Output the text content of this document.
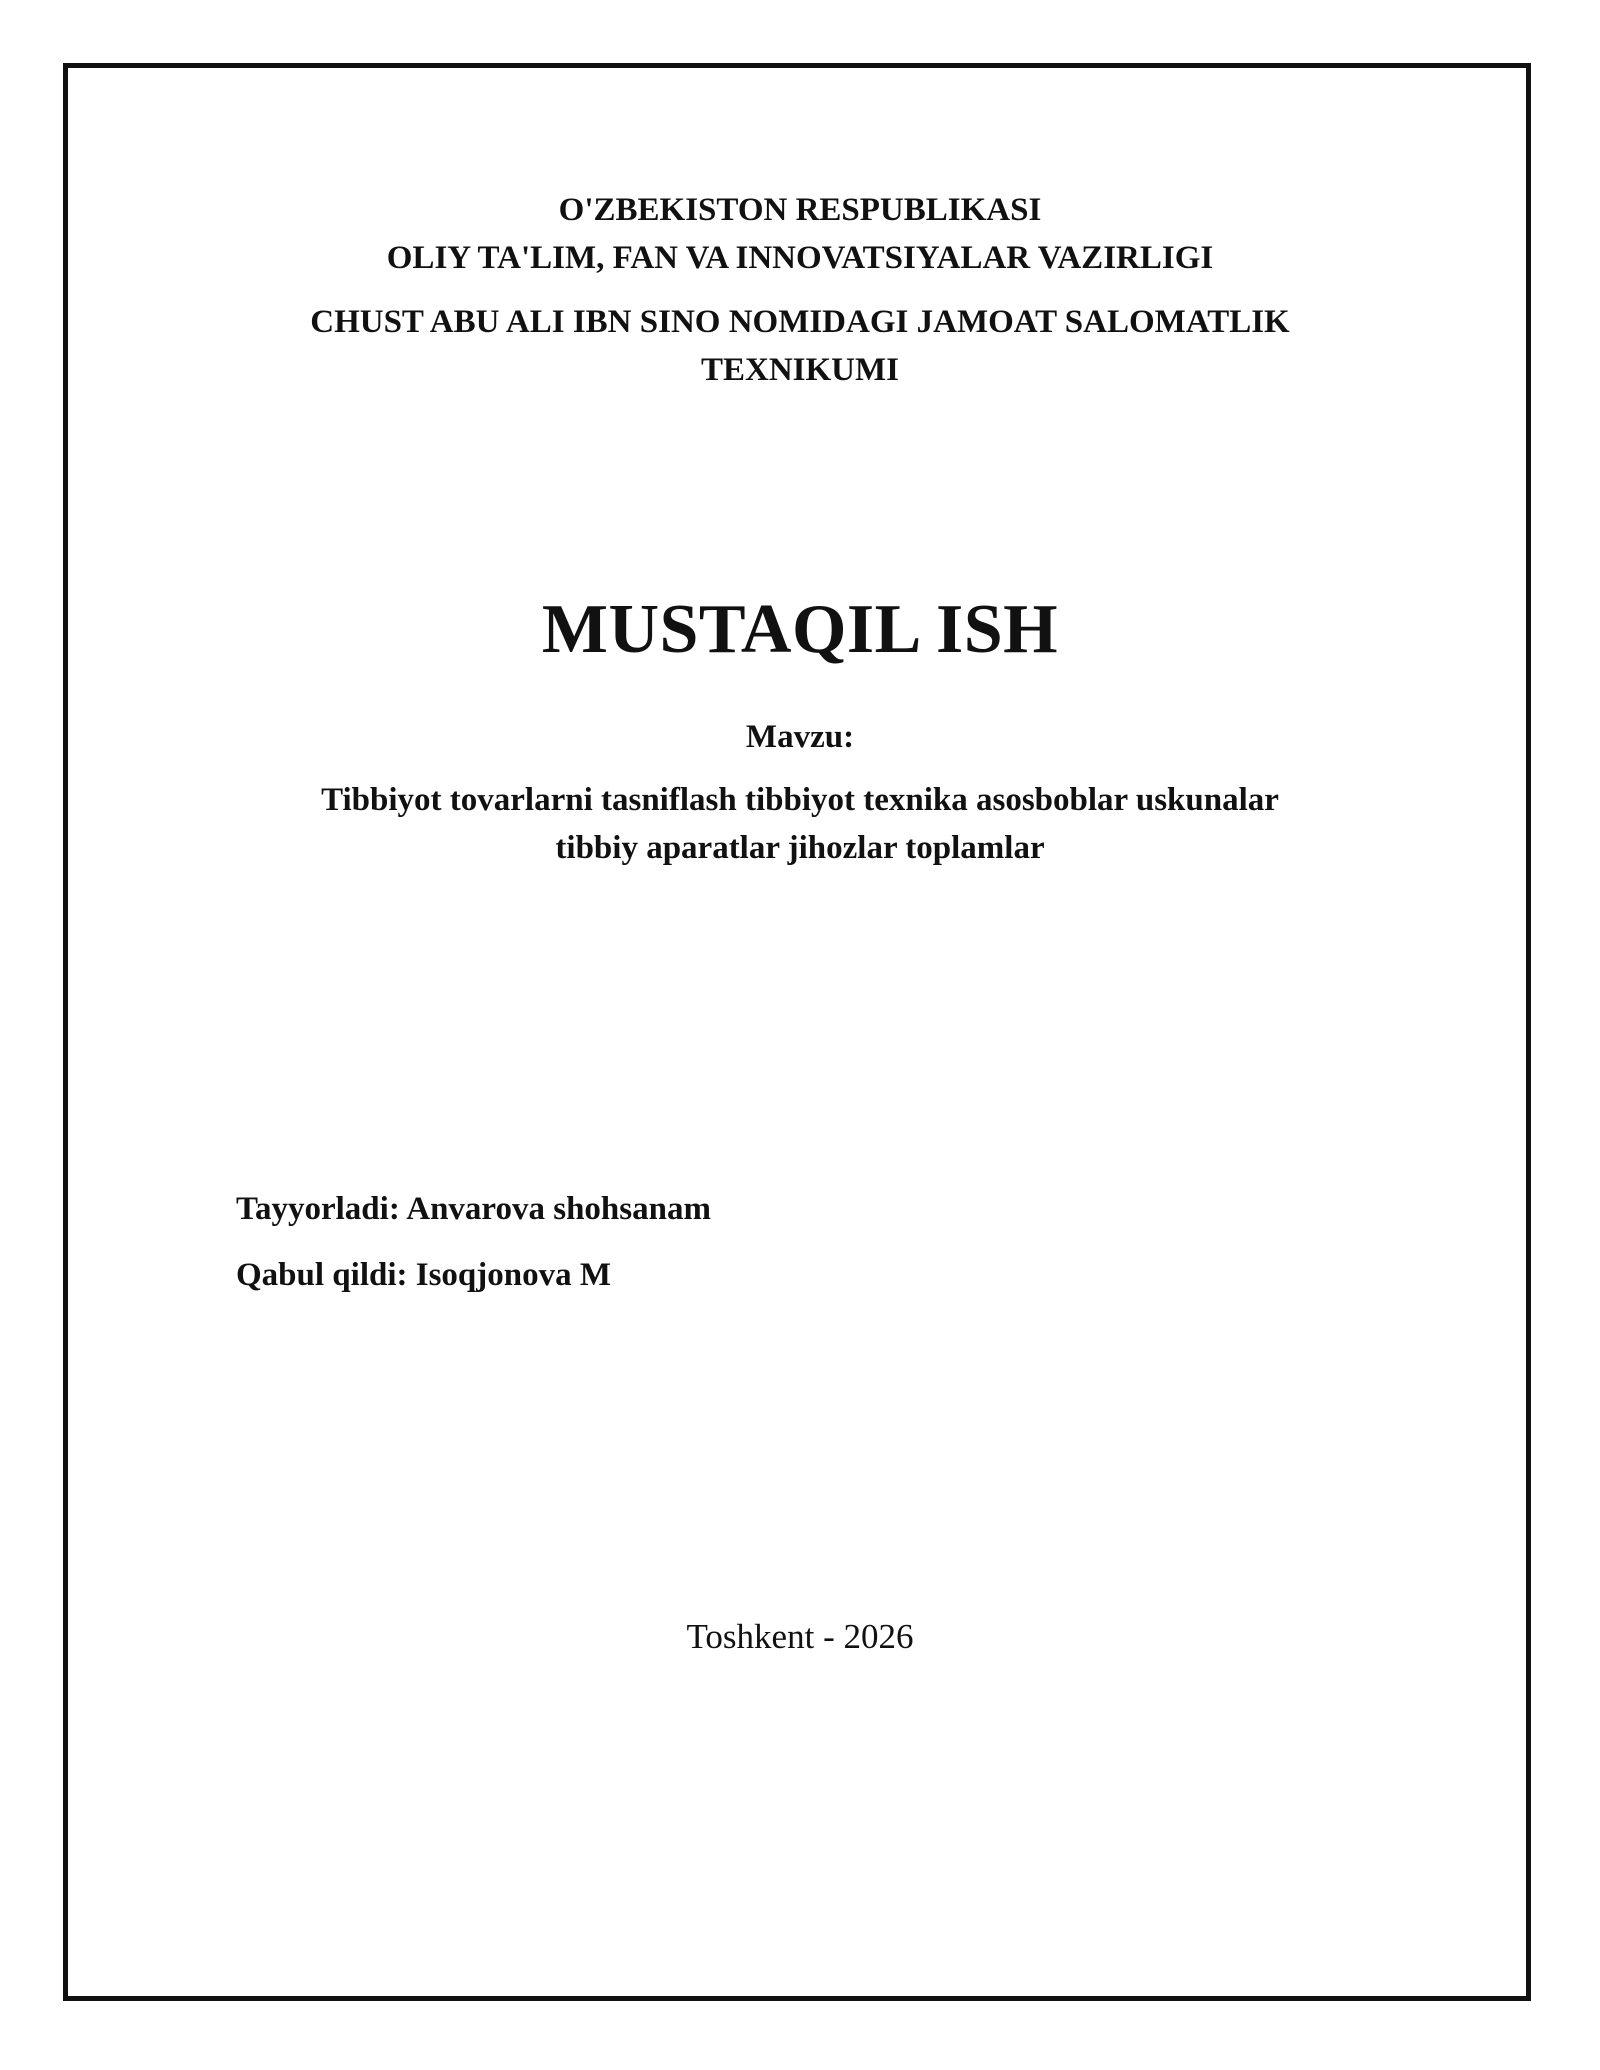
O'ZBEKISTON RESPUBLIKASI
OLIY TA'LIM, FAN VA INNOVATSIYALAR VAZIRLIGI
CHUST ABU ALI IBN SINO NOMIDAGI JAMOAT SALOMATLIK
TEXNIKUMI
MUSTAQIL ISH
Mavzu:
Tibbiyot tovarlarni tasniflash tibbiyot texnika asosboblar uskunalar
tibbiy aparatlar jihozlar toplamlar
Tayyorladi: Anvarova shohsanam
Qabul qildi: Isoqjonova M
Toshkent - 2026
